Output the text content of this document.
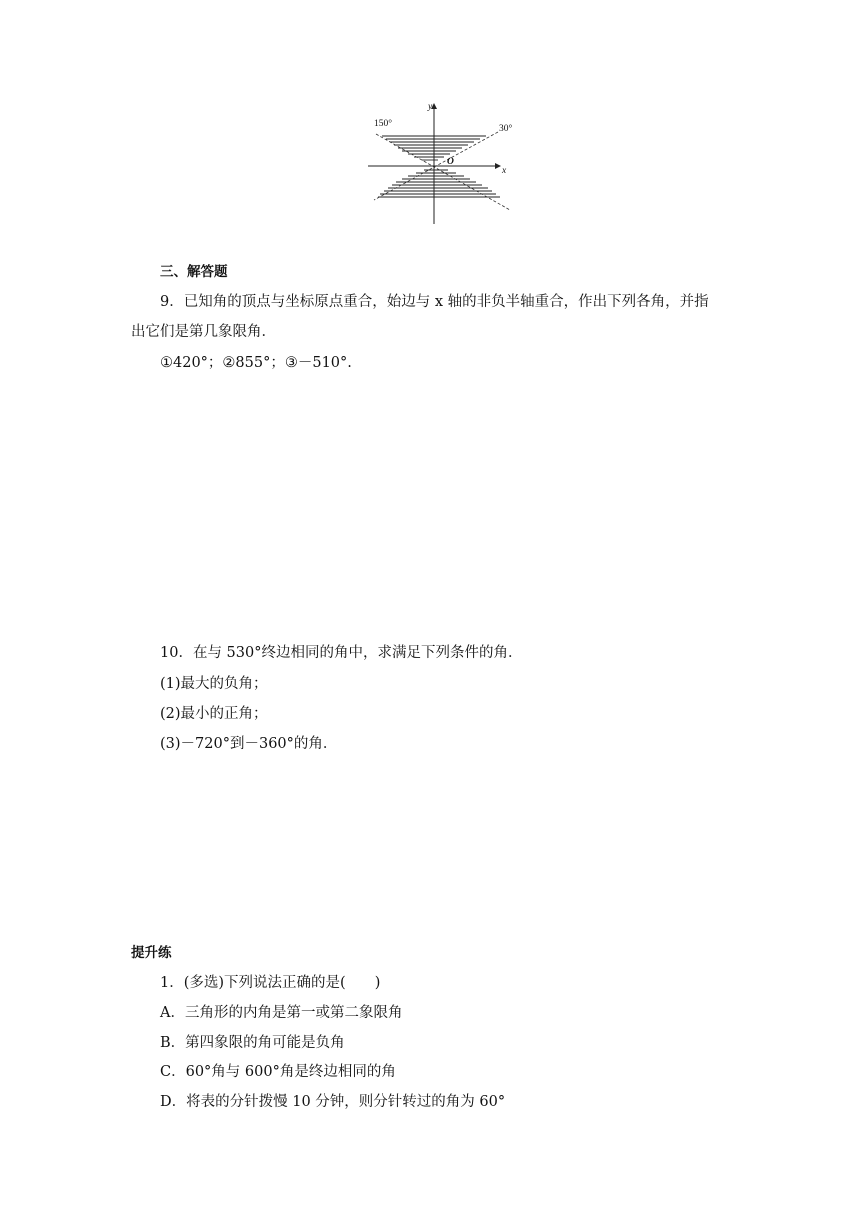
y
x
O
150°	30°
三、解答题
9．已知角的顶点与坐标原点重合，始边与 x 轴的非负半轴重合，作出下列各角，并指
出它们是第几象限角．
①420°；②855°；③－510°.
10．在与 530°终边相同的角中，求满足下列条件的角．
(1)最大的负角；
(2)最小的正角；
(3)－720°到－360°的角．
提升练
1．(多选)下列说法正确的是(　　)
A．三角形的内角是第一或第二象限角
B．第四象限的角可能是负角
C．60°角与 600°角是终边相同的角
D．将表的分针拨慢 10 分钟，则分针转过的角为 60°
